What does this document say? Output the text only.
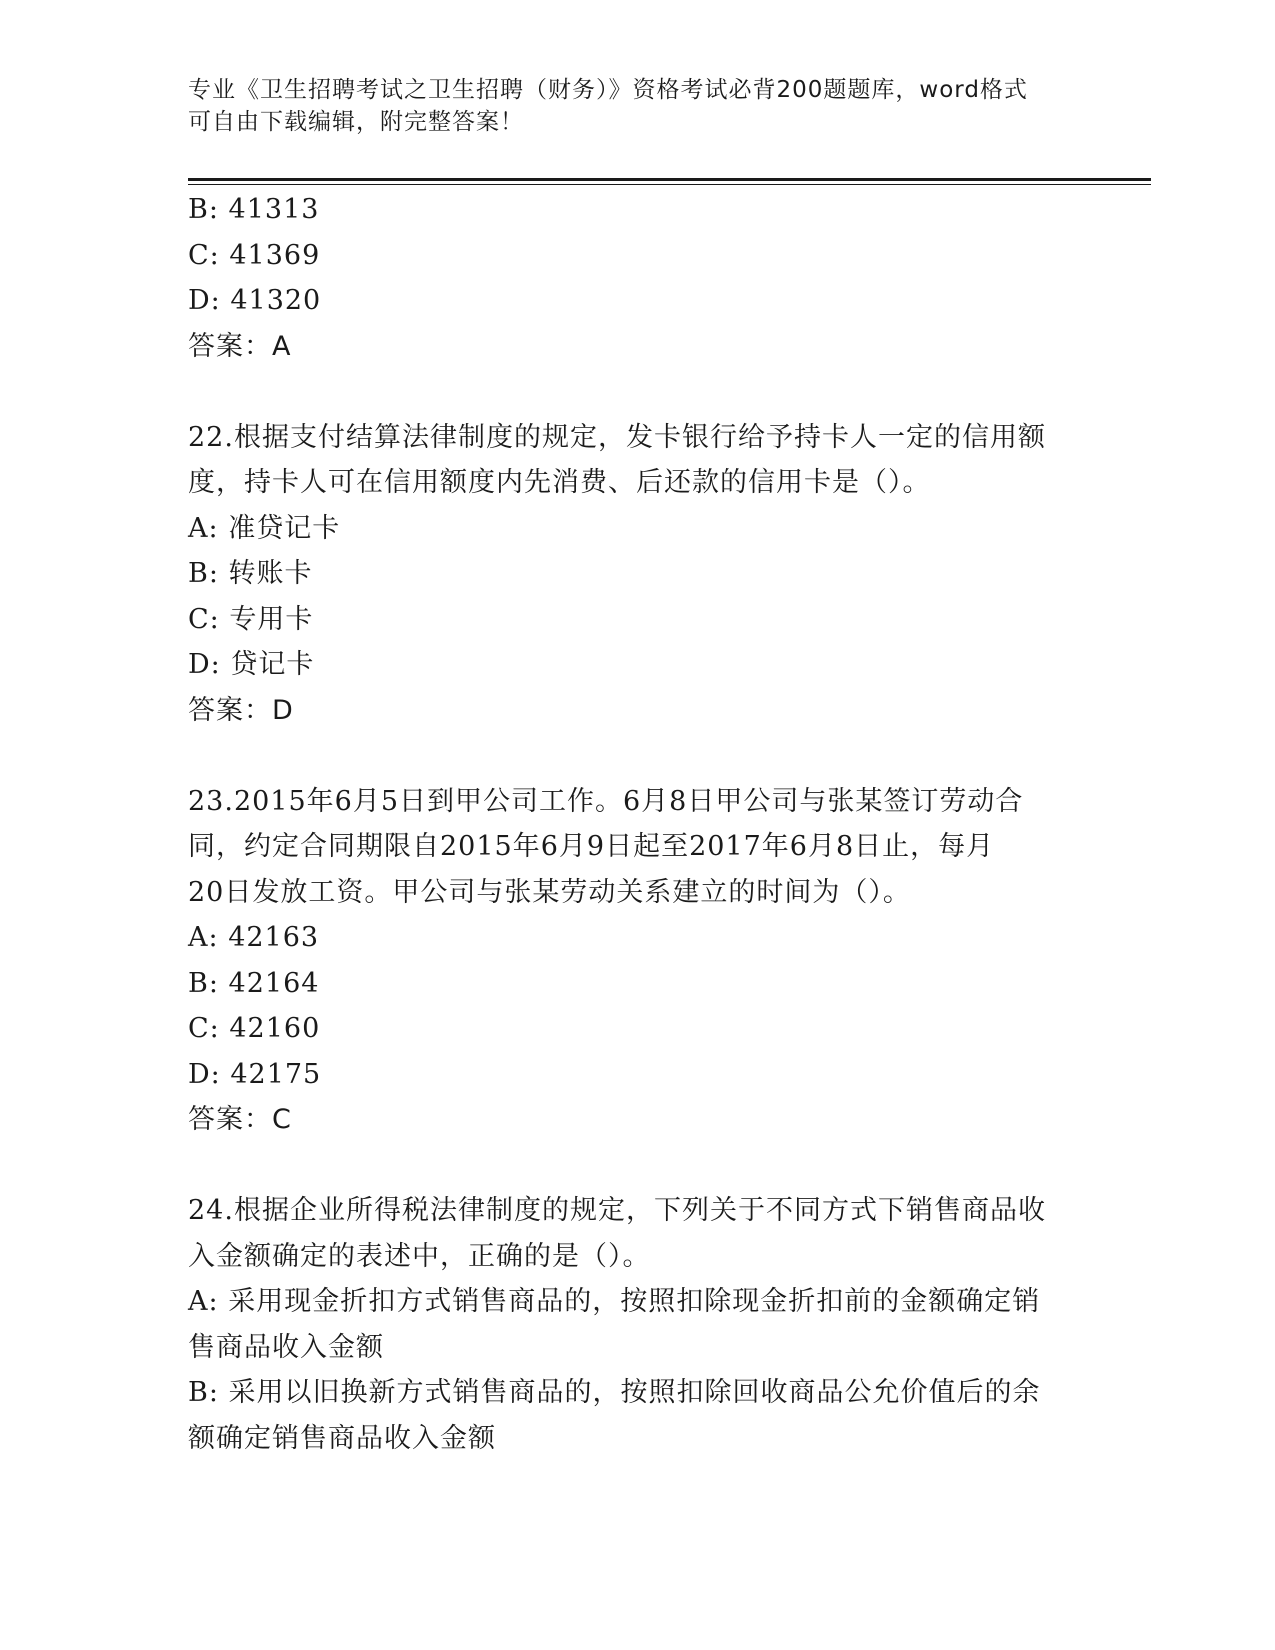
专业《卫生招聘考试之卫生招聘（财务）》资格考试必背200题题库，word格式
可自由下载编辑，附完整答案！
B:
41313
C:
41369
D:
41320
答案：A
22.根据支付结算法律制度的规定，发卡银行给予持卡人一定的信用额
度，持卡人可在信用额度内先消费、后还款的信用卡是（）。
A:
准贷记卡
B:
转账卡
C:
专用卡
D:
贷记卡
答案：D
23.2015年6月5日到甲公司工作。6月8日甲公司与张某签订劳动合
同，约定合同期限自2015年6月9日起至2017年6月8日止，每月
20日发放工资。甲公司与张某劳动关系建立的时间为（）。
A:
42163
B:
42164
C:
42160
D:
42175
答案：C
24.根据企业所得税法律制度的规定，下列关于不同方式下销售商品收
入金额确定的表述中，正确的是（）。
A:
采用现金折扣方式销售商品的，按照扣除现金折扣前的金额确定销
售商品收入金额
B:
采用以旧换新方式销售商品的，按照扣除回收商品公允价值后的余
额确定销售商品收入金额
